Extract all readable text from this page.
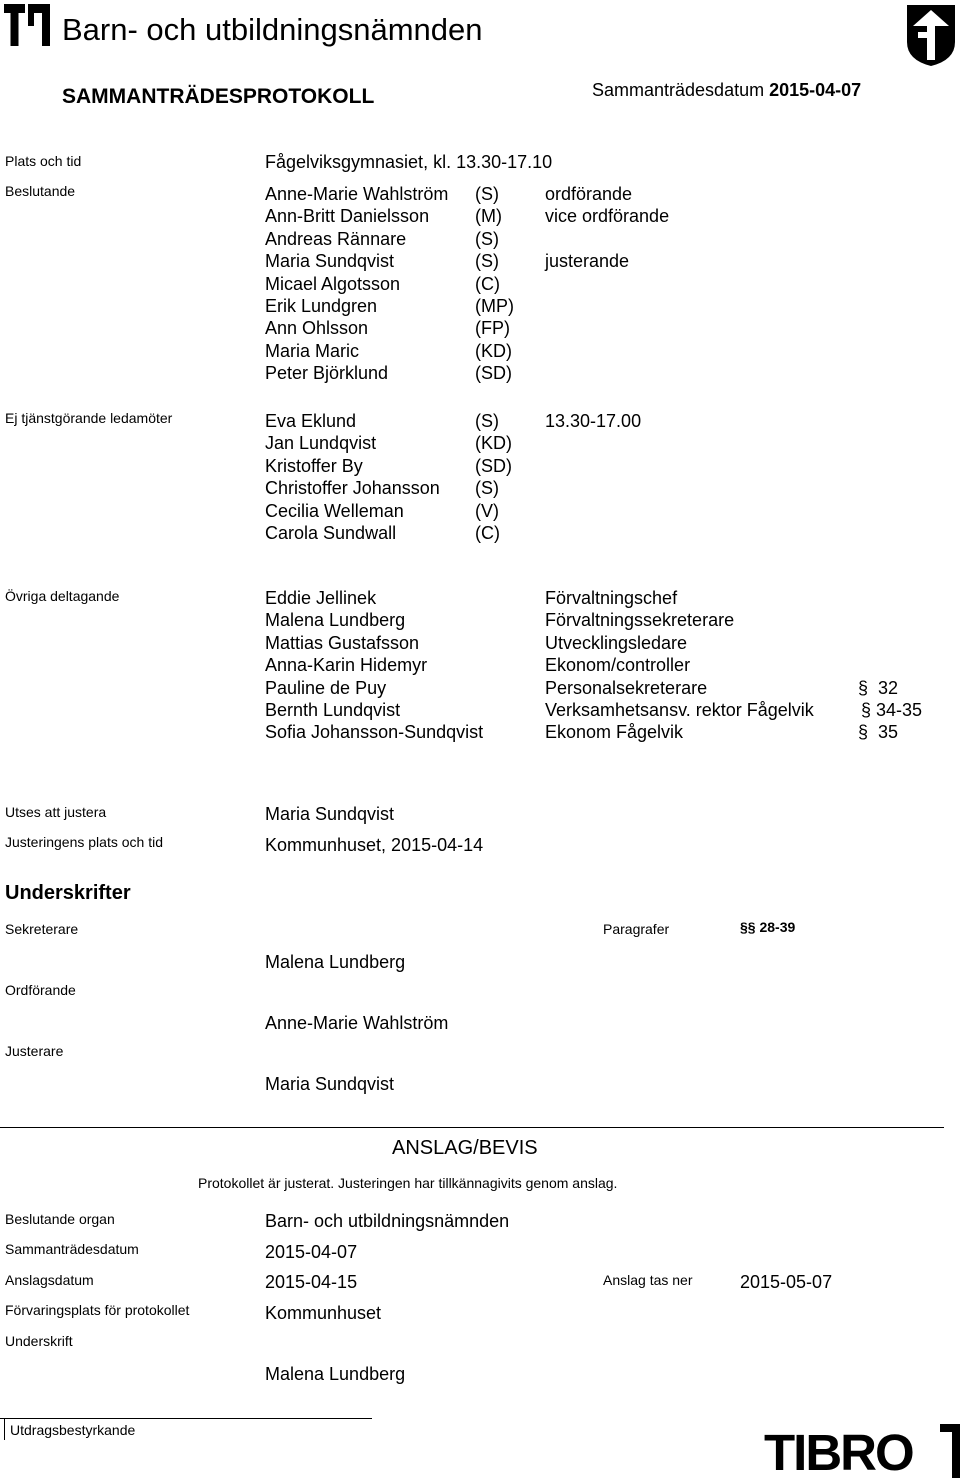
Barn- och utbildningsnämnden
SAMMANTRÄDESPROTOKOLL	Sammanträdesdatum 2015-04-07
Plats och tid	Fågelviksgymnasiet, kl. 13.30-17.10
Beslutande	Anne-Marie Wahlström (S)	ordförande
Ann-Britt Danielsson	(M) vice ordförande
Andreas Rännare	(S)
Maria Sundqvist	(S)	justerande
Micael Algotsson	(C)
Erik Lundgren	(MP)
Ann Ohlsson	(FP)
Maria Maric	(KD)
Peter Björklund	(SD)
Ej tjänstgörande ledamöter	Eva Eklund	(S)	13.30-17.00
Jan Lundqvist	(KD)
Kristoffer By	(SD)
Christoffer Johansson (S)
Cecilia Welleman	(V)
Carola Sundwall	(C)
Övriga deltagande	Eddie Jellinek	Förvaltningschef
Malena Lundberg	Förvaltningssekreterare
Mattias Gustafsson	Utvecklingsledare
Anna-Karin Hidemyr	Ekonom/controller
Pauline de Puy	Personalsekreterare	§ 32
Bernth Lundqvist	Verksamhetsansv. rektor Fågelvik	§ 34-35
Sofia Johansson-Sundqvist	Ekonom Fågelvik	§ 35
Utses att justera	Maria Sundqvist
Justeringens plats och tid	Kommunhuset, 2015-04-14
Underskrifter
Sekreterare	Paragrafer	§§ 28-39
Malena Lundberg
Ordförande
Anne-Marie Wahlström
Justerare
Maria Sundqvist
ANSLAG/BEVIS
Protokollet är justerat. Justeringen har tillkännagivits genom anslag.
Beslutande organ	Barn- och utbildningsnämnden
Sammanträdesdatum	2015-04-07
Anslagsdatum	2015-04-15	Anslag tas ner	2015-05-07
Förvaringsplats för protokollet	Kommunhuset
Underskrift
Malena Lundberg
Utdragsbestyrkande	TIBRO
